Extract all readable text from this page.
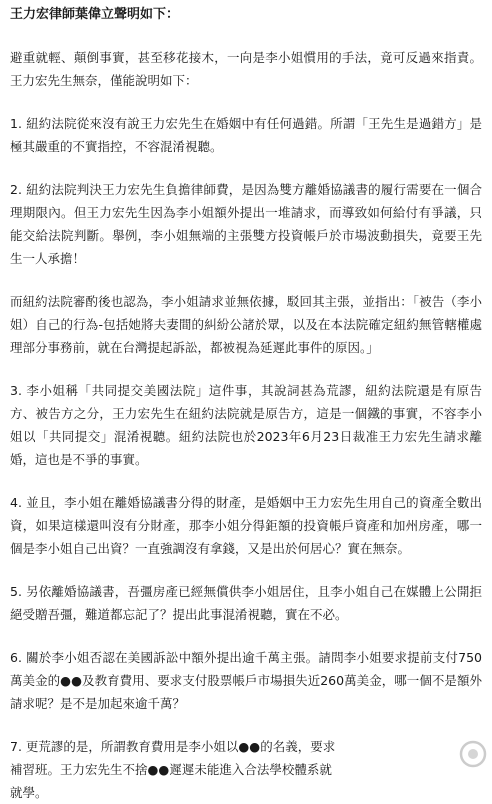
王力宏律師葉偉立聲明如下：
避重就輕、顛倒事實，甚至移花接木，一向是李小姐慣用的手法，竟可反過來指責。王力宏先生無奈，僅能說明如下：
1. 紐約法院從來沒有說王力宏先生在婚姻中有任何過錯。所謂「王先生是過錯方」是極其嚴重的不實指控，不容混淆視聽。
2. 紐約法院判決王力宏先生負擔律師費，是因為雙方離婚協議書的履行需要在一個合理期限內。但王力宏先生因為李小姐額外提出一堆請求，而導致如何給付有爭議，只能交給法院判斷。舉例，李小姐無端的主張雙方投資帳戶於市場波動損失，竟要王先生一人承擔！
而紐約法院審酌後也認為，李小姐請求並無依據，駁回其主張，並指出：「被告（李小姐）自己的行為-包括她將夫妻間的糾紛公諸於眾，以及在本法院確定紐約無管轄權處理部分事務前，就在台灣提起訴訟，都被視為延遲此事件的原因。」
3. 李小姐稱「共同提交美國法院」這件事，其說詞甚為荒謬，紐約法院還是有原告方、被告方之分，王力宏先生在紐約法院就是原告方，這是一個鐵的事實，不容李小姐以「共同提交」混淆視聽。紐約法院也於2023年6月23日裁准王力宏先生請求離婚，這也是不爭的事實。
4. 並且，李小姐在離婚協議書分得的財產，是婚姻中王力宏先生用自己的資產全數出資，如果這樣還叫沒有分財產，那李小姐分得鉅額的投資帳戶資產和加州房產，哪一個是李小姐自己出資？一直強調沒有拿錢，又是出於何居心？實在無奈。
5. 另依離婚協議書，吾彊房產已經無償供李小姐居住，且李小姐自己在媒體上公開拒絕受贈吾彊，難道都忘記了？提出此事混淆視聽，實在不必。
6. 關於李小姐否認在美國訴訟中額外提出逾千萬主張。請問李小姐要求提前支付750萬美金的●●及教育費用、要求支付股票帳戶市場損失近260萬美金，哪一個不是額外請求呢？是不是加起來逾千萬？
7. 更荒謬的是，所謂教育費用是李小姐以●●的名義，要求
補習班。王力宏先生不捨●●遲遲未能進入合法學校體系就
就學。
